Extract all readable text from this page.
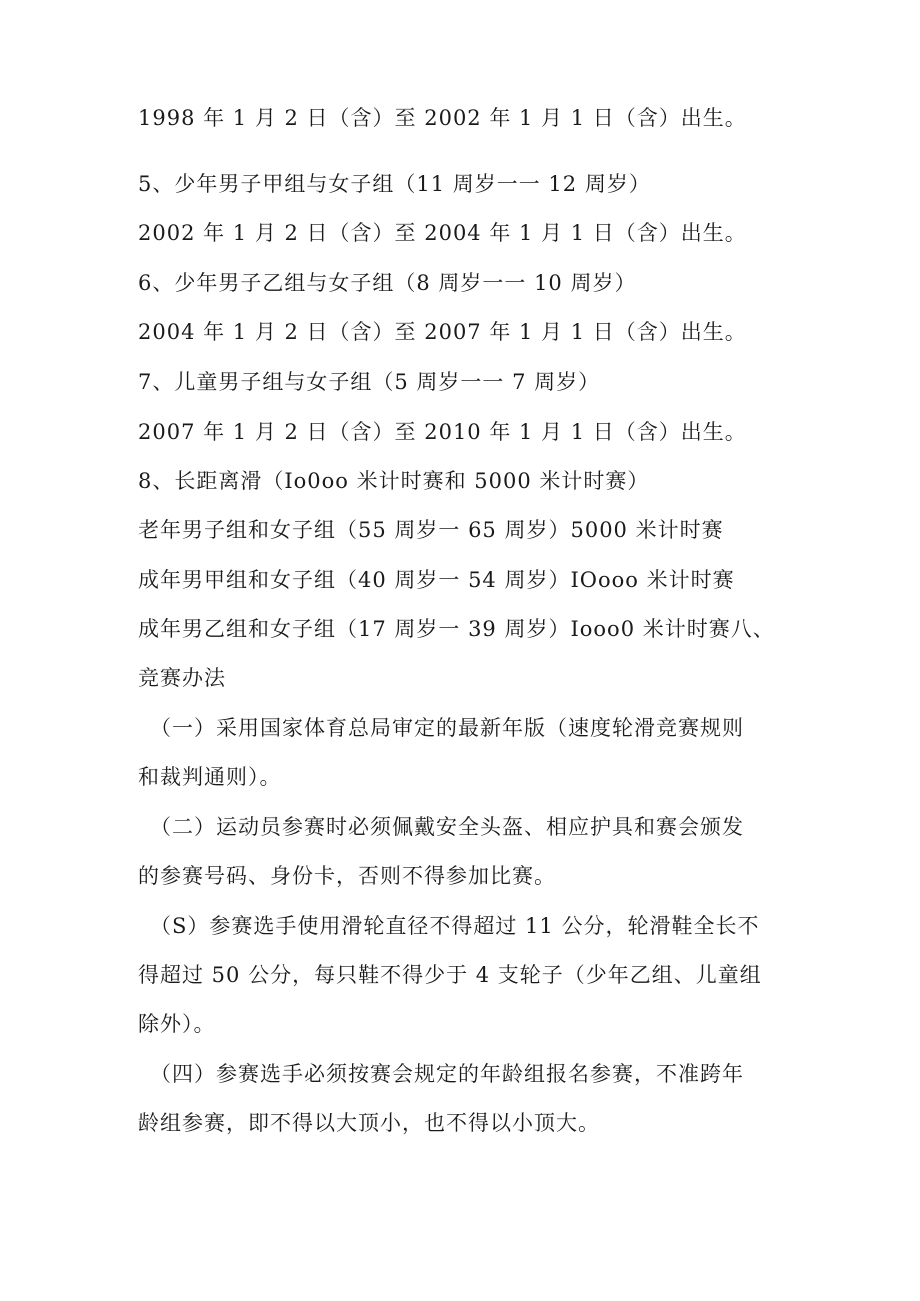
1998 年 1 月 2 日（含）至 2002 年 1 月 1 日（含）出生。
5、少年男子甲组与女子组（11 周岁一一 12 周岁）
2002 年 1 月 2 日（含）至 2004 年 1 月 1 日（含）出生。
6、少年男子乙组与女子组（8 周岁一一 10 周岁）
2004 年 1 月 2 日（含）至 2007 年 1 月 1 日（含）出生。
7、儿童男子组与女子组（5 周岁一一 7 周岁）
2007 年 1 月 2 日（含）至 2010 年 1 月 1 日（含）出生。
8、长距离滑（Io0oo 米计时赛和 5000 米计时赛）
老年男子组和女子组（55 周岁一 65 周岁）5000 米计时赛
成年男甲组和女子组（40 周岁一 54 周岁）IOooo 米计时赛
成年男乙组和女子组（17 周岁一 39 周岁）Iooo0 米计时赛八、
竞赛办法
（一）采用国家体育总局审定的最新年版（速度轮滑竞赛规则
和裁判通则）。
（二）运动员参赛时必须佩戴安全头盔、相应护具和赛会颁发
的参赛号码、身份卡，否则不得参加比赛。
（S）参赛选手使用滑轮直径不得超过 11 公分，轮滑鞋全长不
得超过 50 公分，每只鞋不得少于 4 支轮子（少年乙组、儿童组
除外）。
（四）参赛选手必须按赛会规定的年龄组报名参赛，不准跨年
龄组参赛，即不得以大顶小，也不得以小顶大。
